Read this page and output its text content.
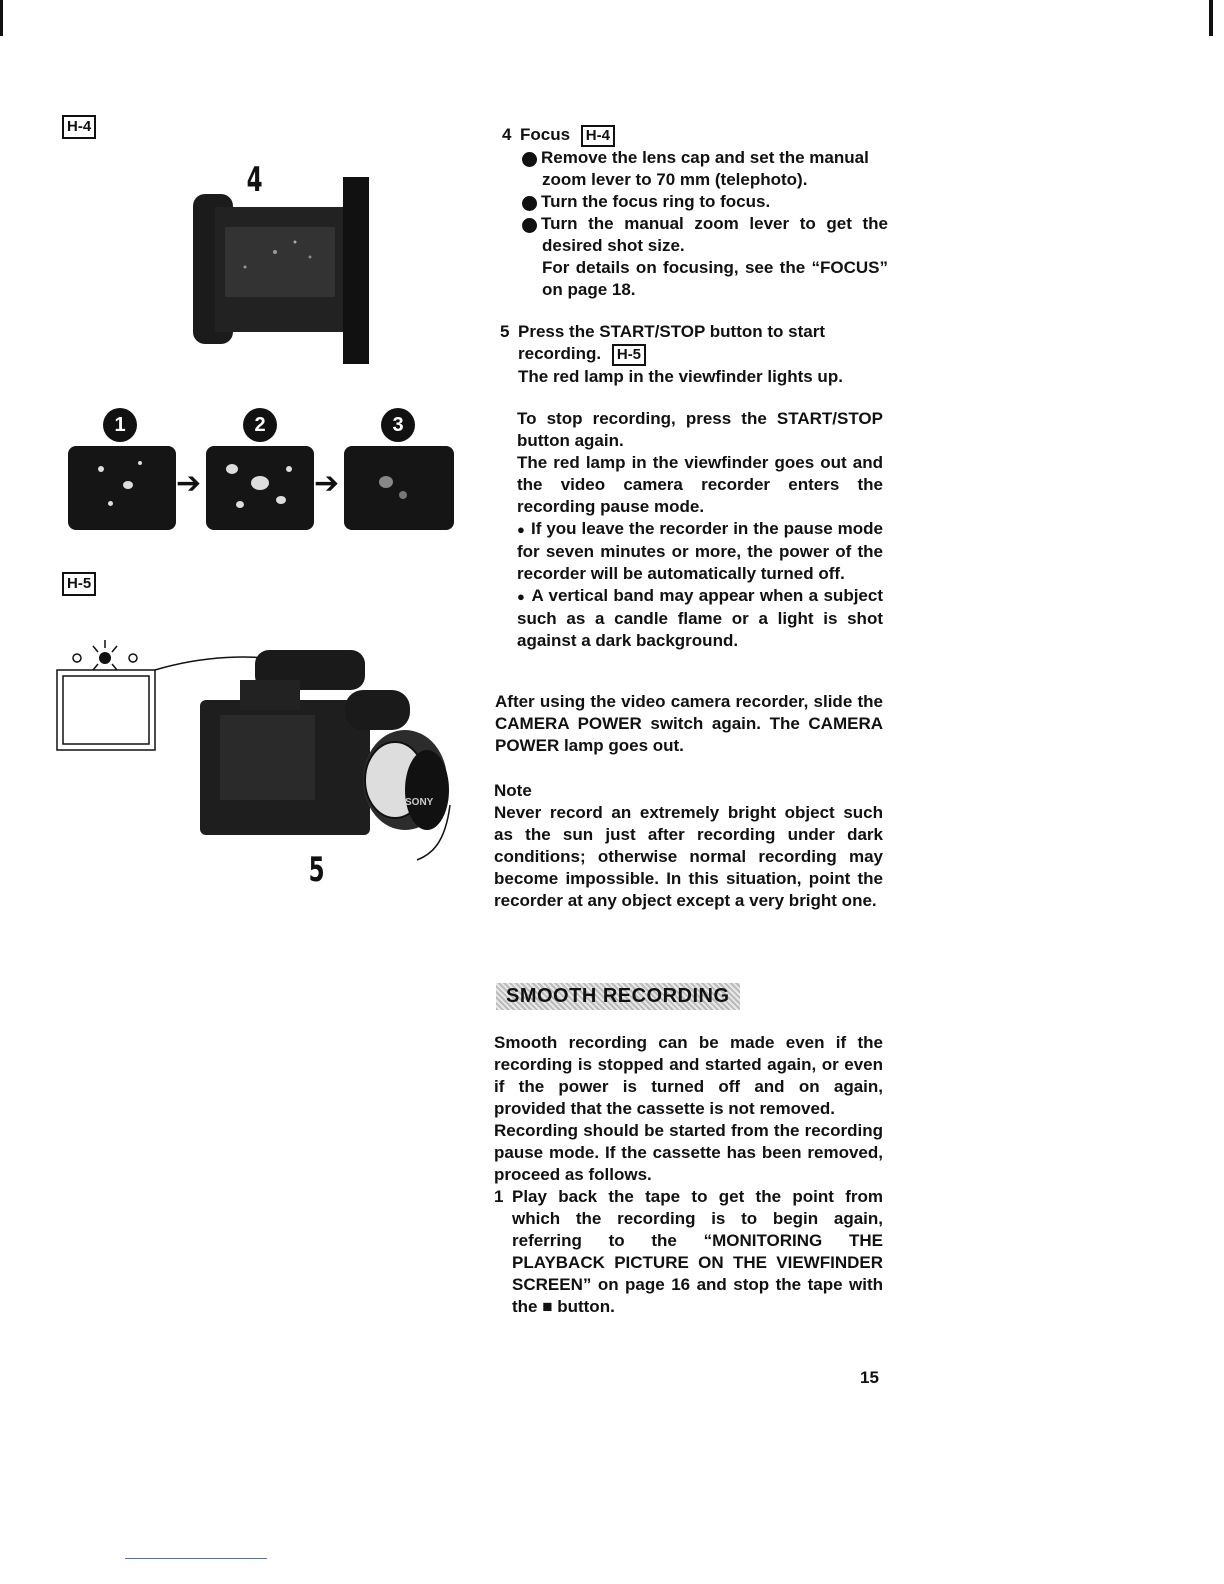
H-4
4
1	2	3
➔	➔
H-5
SONY
5
4 Focus H-4

1 Remove the lens cap and set the manual zoom lever to 70 mm (telephoto).

2 Turn the focus ring to focus.

3 Turn the manual zoom lever to get the desired shot size.

For details on focusing, see the “FOCUS” on page 18.

5 Press the START/STOP button to start recording. H-5

The red lamp in the viewfinder lights up.

To stop recording, press the START/STOP button again.

The red lamp in the viewfinder goes out and the video camera recorder enters the recording pause mode.

● If you leave the recorder in the pause mode for seven minutes or more, the power of the recorder will be automatically turned off.

● A vertical band may appear when a subject such as a candle flame or a light is shot against a dark background.

After using the video camera recorder, slide the CAMERA POWER switch again. The CAMERA POWER lamp goes out.

Note

Never record an extremely bright object such as the sun just after recording under dark conditions; otherwise normal recording may become impossible. In this situation, point the recorder at any object except a very bright one.

SMOOTH RECORDING

Smooth recording can be made even if the recording is stopped and started again, or even if the power is turned off and on again, provided that the cassette is not removed.

Recording should be started from the recording pause mode. If the cassette has been removed, proceed as follows.

1 Play back the tape to get the point from which the recording is to begin again, referring to the “MONITORING THE PLAYBACK PICTURE ON THE VIEWFINDER SCREEN” on page 16 and stop the tape with the ■ button.
15
